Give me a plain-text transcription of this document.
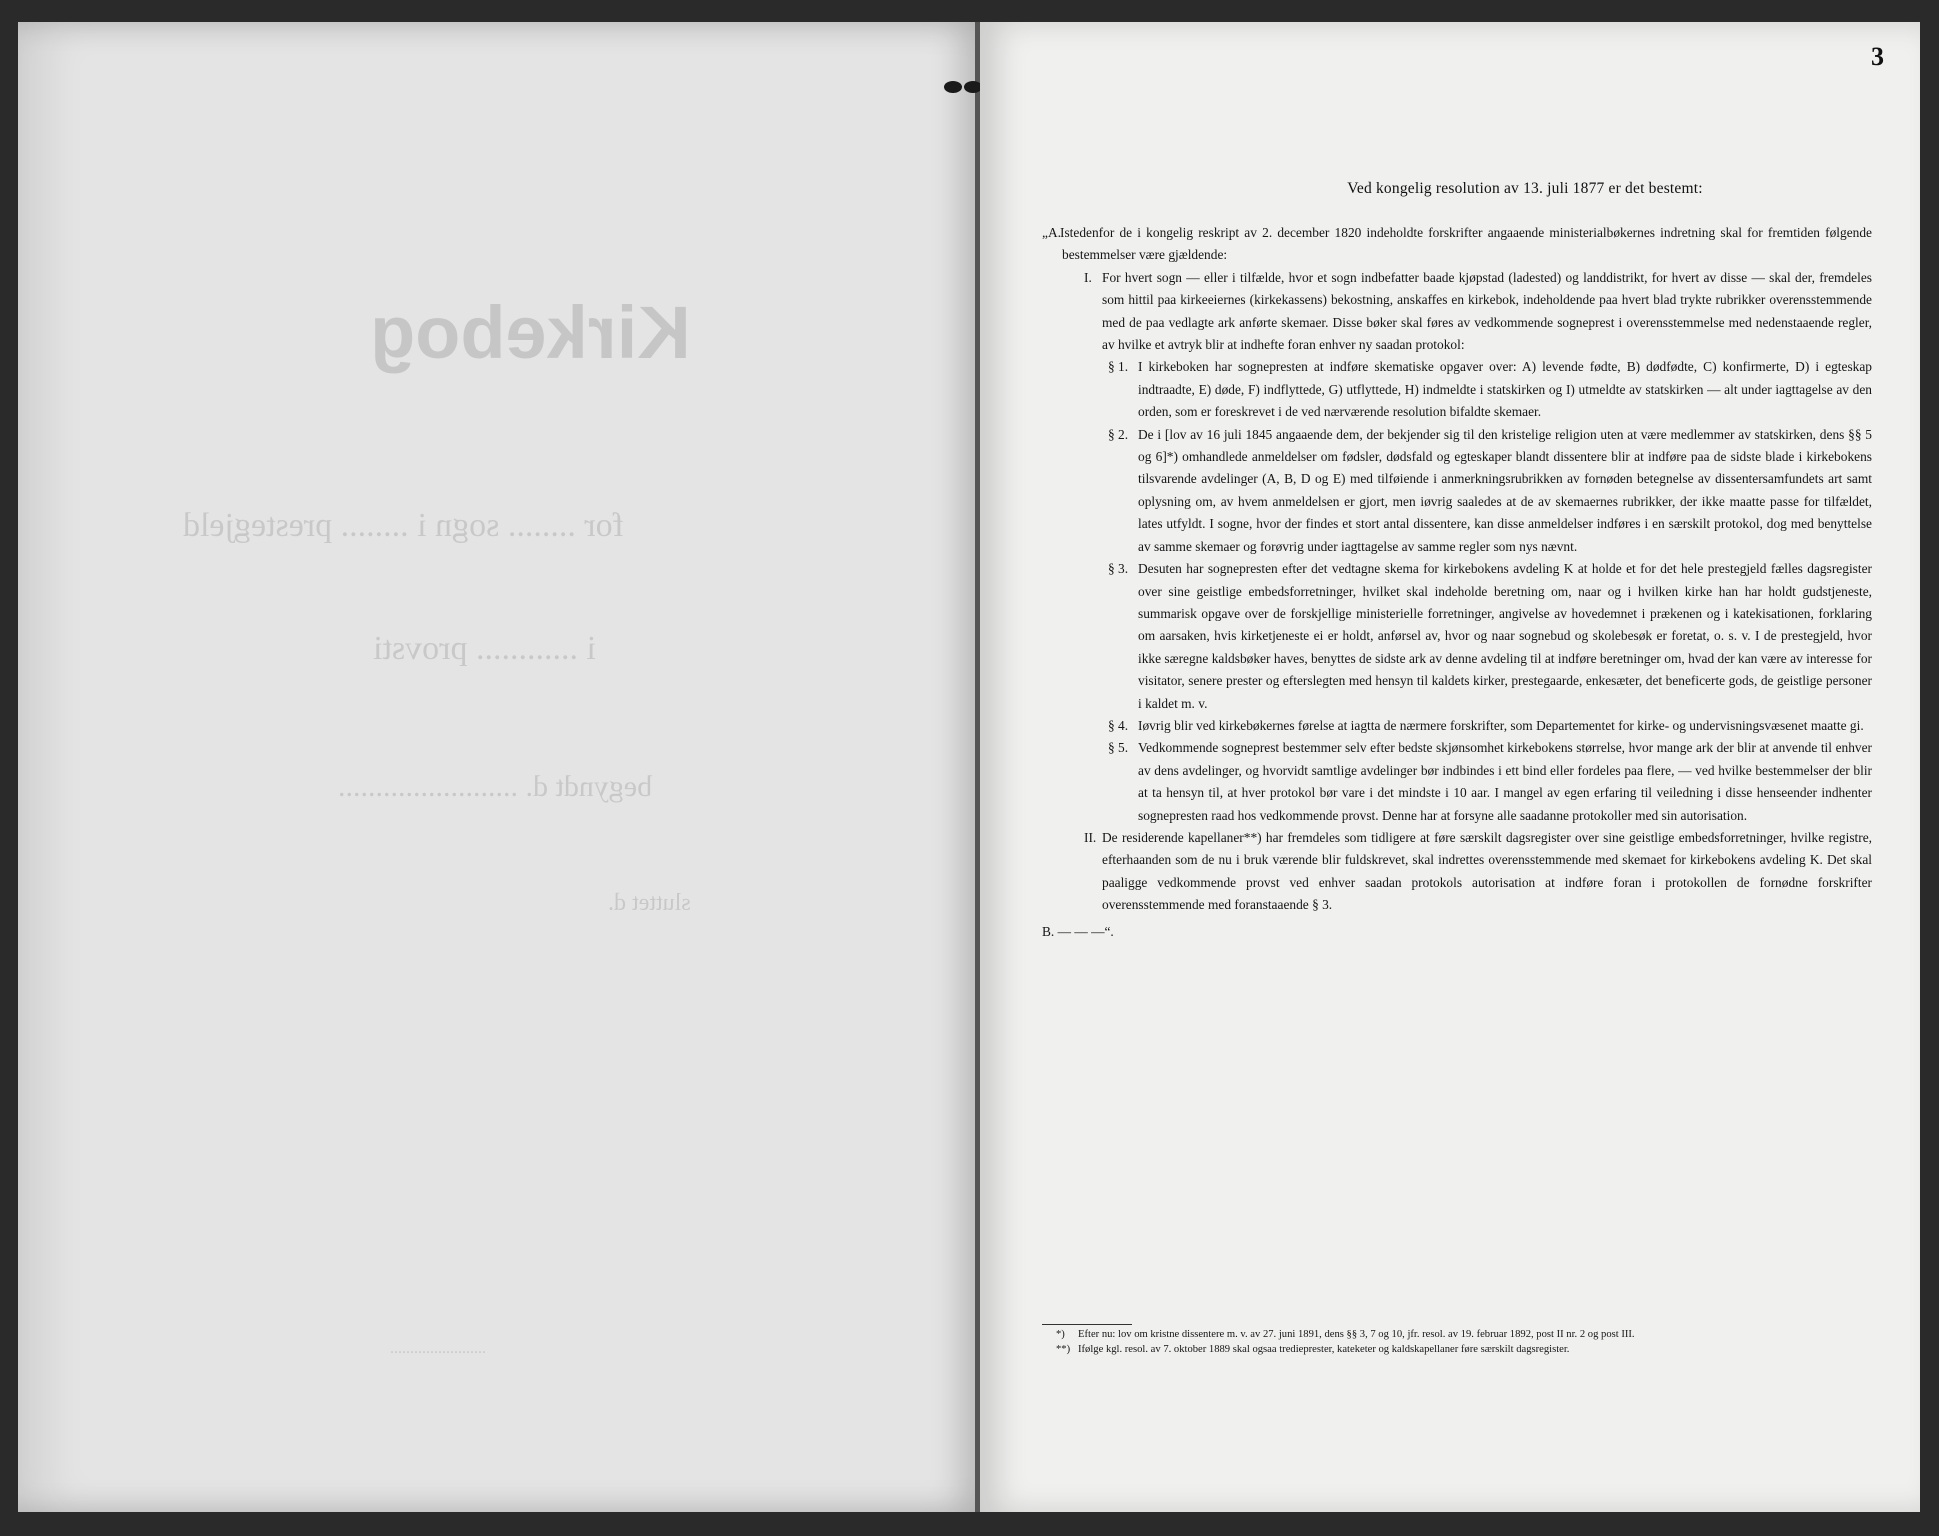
Kirkebog
for ........ sogn i ........ prestegjeld
i ............ provsti
begyndt d. ........................
sluttet d.
........................
3
Ved kongelig resolution av 13. juli 1877 er det bestemt:

„A.Istedenfor de i kongelig reskript av 2. december 1820 indeholdte forskrifter angaaende ministerialbøkernes indretning skal for fremtiden følgende bestemmelser være gjældende:

I. For hvert sogn — eller i tilfælde, hvor et sogn indbefatter baade kjøpstad (ladested) og landdistrikt, for hvert av disse — skal der, fremdeles som hittil paa kirkeeiernes (kirkekassens) bekostning, anskaffes en kirkebok, indeholdende paa hvert blad trykte rubrikker overensstemmende med de paa vedlagte ark anførte skemaer. Disse bøker skal føres av vedkommende sogneprest i overensstemmelse med nedenstaaende regler, av hvilke et avtryk blir at indhefte foran enhver ny saadan protokol:

§ 1. I kirkeboken har sognepresten at indføre skematiske opgaver over: A) levende fødte, B) dødfødte, C) konfirmerte, D) i egteskap indtraadte, E) døde, F) indflyttede, G) utflyttede, H) indmeldte i statskirken og I) utmeldte av statskirken — alt under iagttagelse av den orden, som er foreskrevet i de ved nærværende resolution bifaldte skemaer.

§ 2. De i [lov av 16 juli 1845 angaaende dem, der bekjender sig til den kristelige religion uten at være medlemmer av statskirken, dens §§ 5 og 6]*) omhandlede anmeldelser om fødsler, dødsfald og egteskaper blandt dissentere blir at indføre paa de sidste blade i kirkebokens tilsvarende avdelinger (A, B, D og E) med tilføiende i anmerkningsrubrikken av fornøden betegnelse av dissentersamfundets art samt oplysning om, av hvem anmeldelsen er gjort, men iøvrig saaledes at de av skemaernes rubrikker, der ikke maatte passe for tilfældet, lates utfyldt. I sogne, hvor der findes et stort antal dissentere, kan disse anmeldelser indføres i en særskilt protokol, dog med benyttelse av samme skemaer og forøvrig under iagttagelse av samme regler som nys nævnt.

§ 3. Desuten har sognepresten efter det vedtagne skema for kirkebokens avdeling K at holde et for det hele prestegjeld fælles dagsregister over sine geistlige embedsforretninger, hvilket skal indeholde beretning om, naar og i hvilken kirke han har holdt gudstjeneste, summarisk opgave over de forskjellige ministerielle forretninger, angivelse av hovedemnet i prækenen og i katekisationen, forklaring om aarsaken, hvis kirketjeneste ei er holdt, anførsel av, hvor og naar sognebud og skolebesøk er foretat, o. s. v. I de prestegjeld, hvor ikke særegne kaldsbøker haves, benyttes de sidste ark av denne avdeling til at indføre beretninger om, hvad der kan være av interesse for visitator, senere prester og efterslegten med hensyn til kaldets kirker, prestegaarde, enkesæter, det beneficerte gods, de geistlige personer i kaldet m. v.

§ 4. Iøvrig blir ved kirkebøkernes førelse at iagtta de nærmere forskrifter, som Departementet for kirke- og undervisningsvæsenet maatte gi.

§ 5. Vedkommende sogneprest bestemmer selv efter bedste skjønsomhet kirkebokens størrelse, hvor mange ark der blir at anvende til enhver av dens avdelinger, og hvorvidt samtlige avdelinger bør indbindes i ett bind eller fordeles paa flere, — ved hvilke bestemmelser der blir at ta hensyn til, at hver protokol bør vare i det mindste i 10 aar. I mangel av egen erfaring til veiledning i disse henseender indhenter sognepresten raad hos vedkommende provst. Denne har at forsyne alle saadanne protokoller med sin autorisation.

II. De residerende kapellaner**) har fremdeles som tidligere at føre særskilt dagsregister over sine geistlige embedsforretninger, hvilke registre, efterhaanden som de nu i bruk værende blir fuldskrevet, skal indrettes overensstemmende med skemaet for kirkebokens avdeling K. Det skal paaligge vedkommende provst ved enhver saadan protokols autorisation at indføre foran i protokollen de fornødne forskrifter overensstemmende med foranstaaende § 3.

B. — — —“.

*) Efter nu: lov om kristne dissentere m. v. av 27. juni 1891, dens §§ 3, 7 og 10, jfr. resol. av 19. februar 1892, post II nr. 2 og post III.

**) Ifølge kgl. resol. av 7. oktober 1889 skal ogsaa tredieprester, kateketer og kaldskapellaner føre særskilt dagsregister.
